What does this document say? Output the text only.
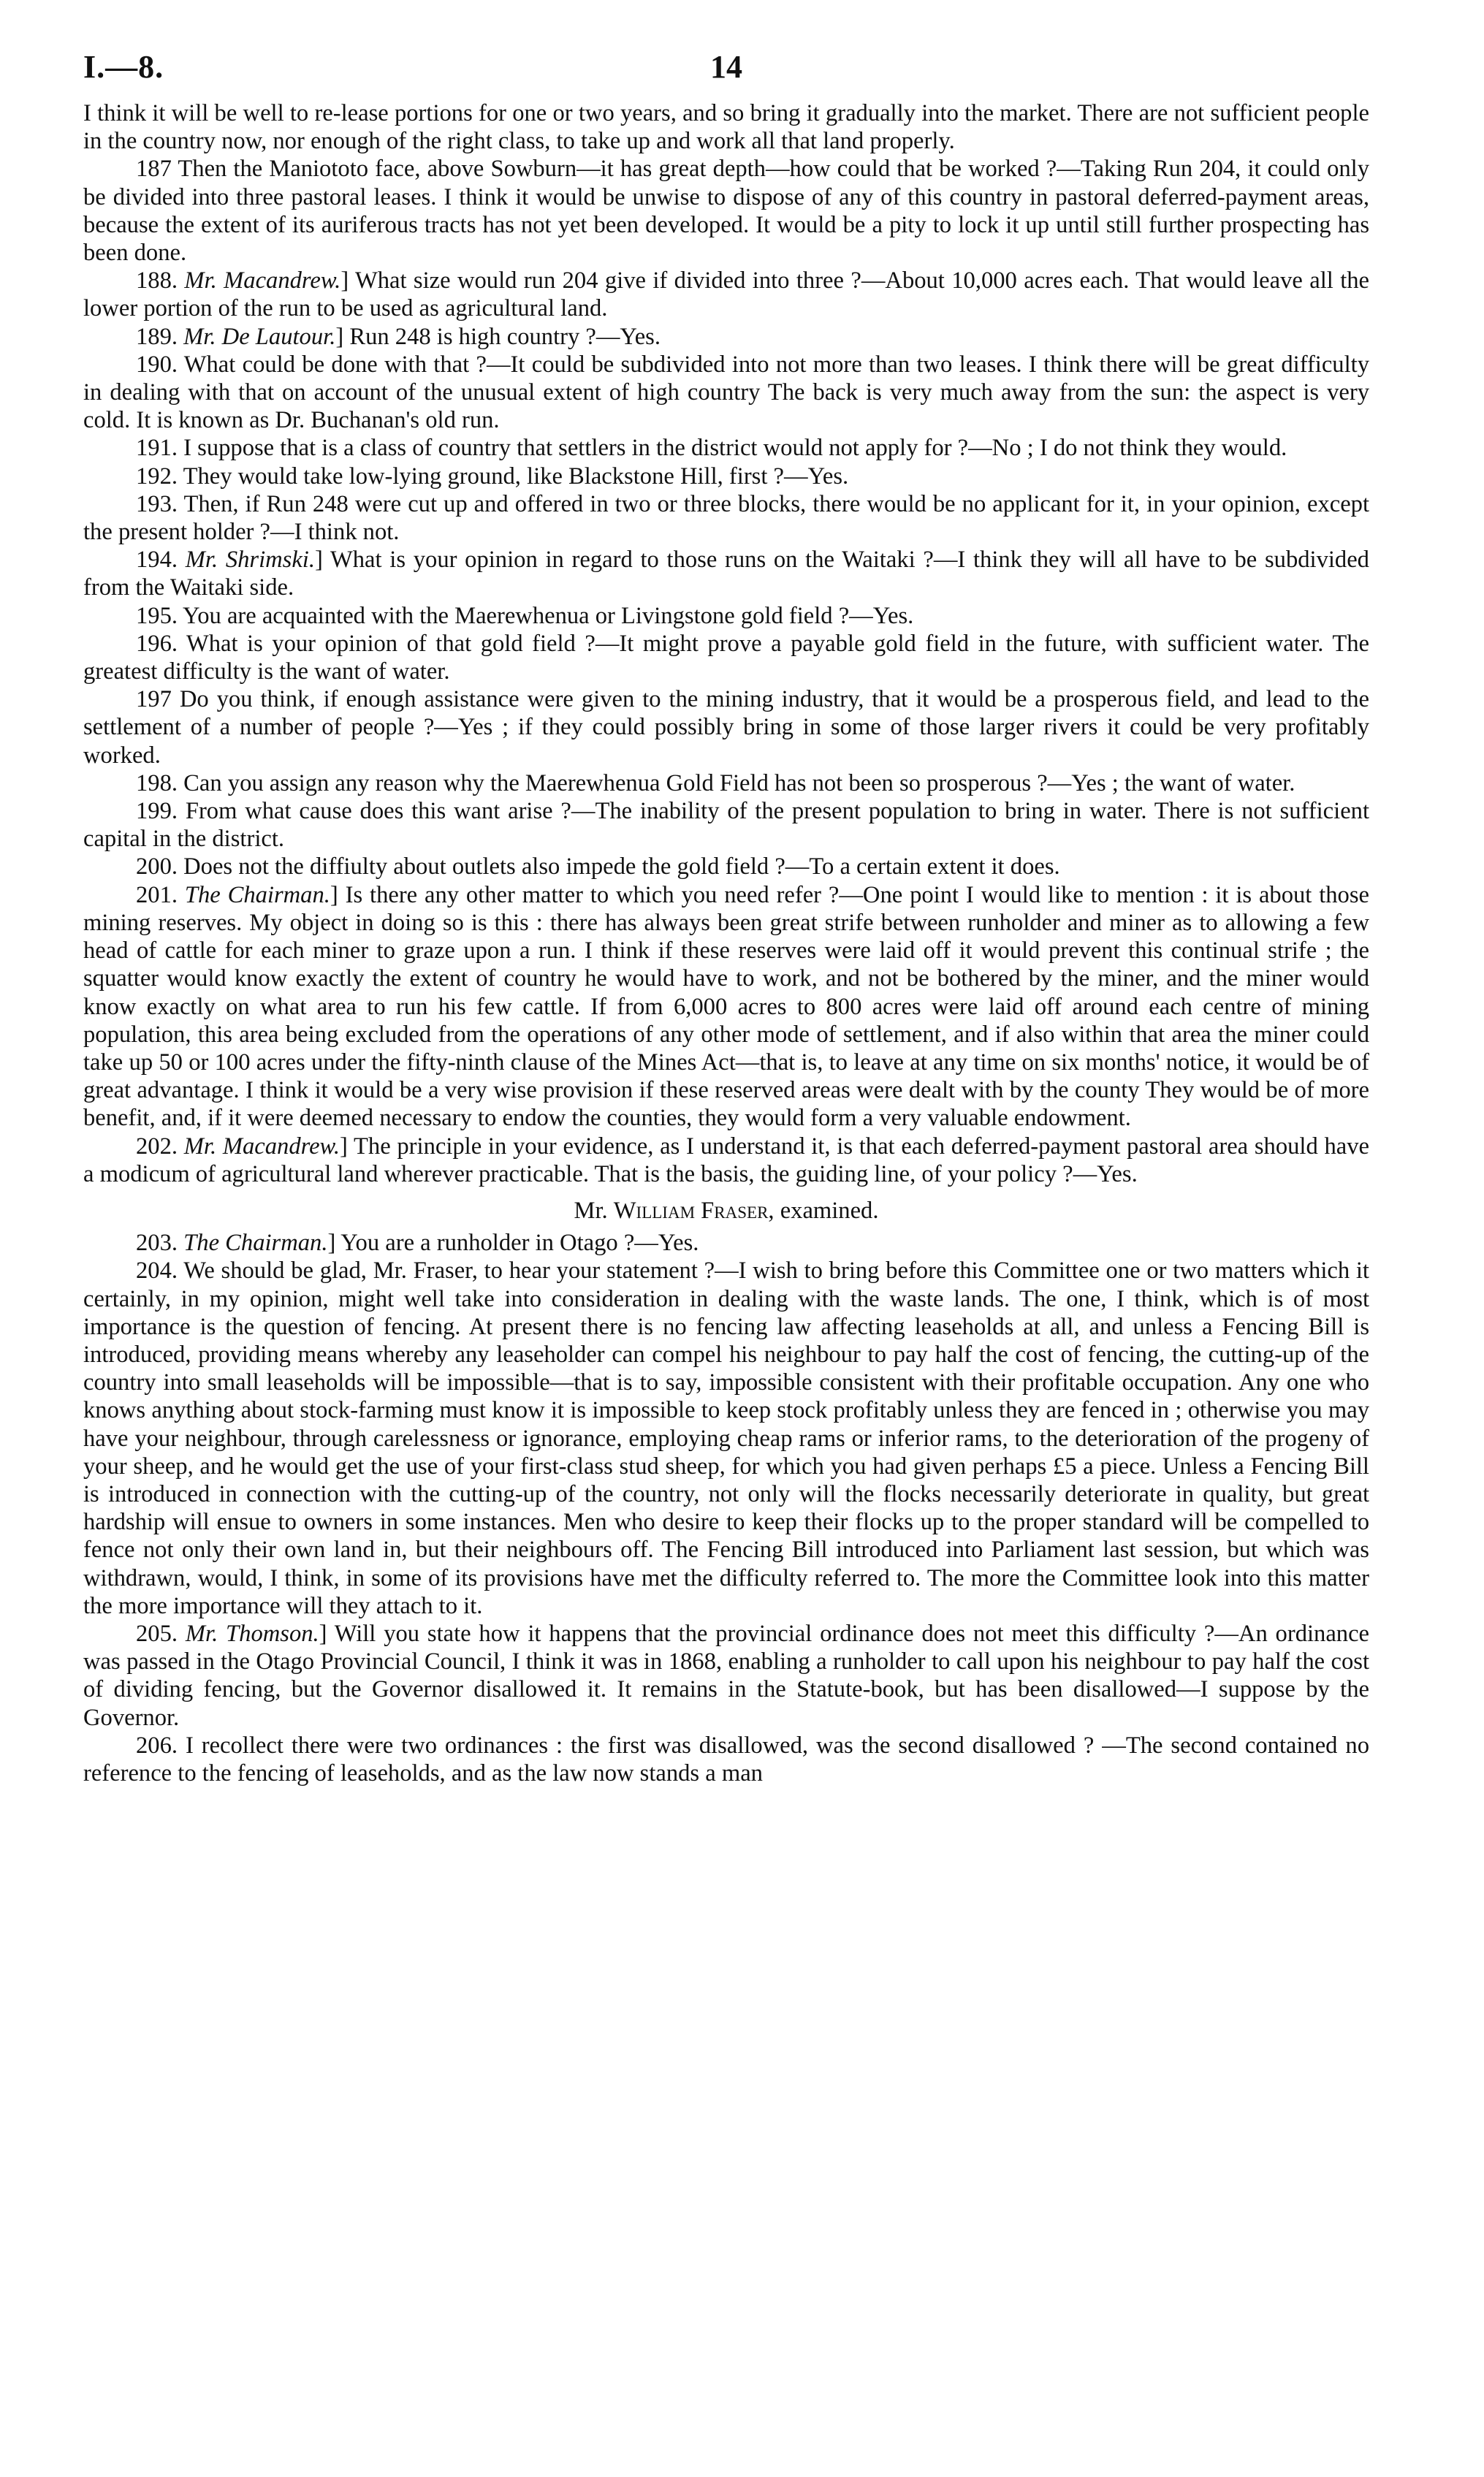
I.—8.	14

I think it will be well to re-lease portions for one or two years, and so bring it gradually into the market. There are not sufficient people in the country now, nor enough of the right class, to take up and work all that land properly.

187 Then the Maniototo face, above Sowburn—it has great depth—how could that be worked ?—Taking Run 204, it could only be divided into three pastoral leases. I think it would be unwise to dispose of any of this country in pastoral deferred-payment areas, because the extent of its auriferous tracts has not yet been developed. It would be a pity to lock it up until still further prospecting has been done.

188. Mr. Macandrew.] What size would run 204 give if divided into three ?—About 10,000 acres each. That would leave all the lower portion of the run to be used as agricultural land.

189. Mr. De Lautour.] Run 248 is high country ?—Yes.

190. What could be done with that ?—It could be subdivided into not more than two leases. I think there will be great difficulty in dealing with that on account of the unusual extent of high country The back is very much away from the sun: the aspect is very cold. It is known as Dr. Buchanan's old run.

191. I suppose that is a class of country that settlers in the district would not apply for ?—No ; I do not think they would.

192. They would take low-lying ground, like Blackstone Hill, first ?—Yes.

193. Then, if Run 248 were cut up and offered in two or three blocks, there would be no applicant for it, in your opinion, except the present holder ?—I think not.

194. Mr. Shrimski.] What is your opinion in regard to those runs on the Waitaki ?—I think they will all have to be subdivided from the Waitaki side.

195. You are acquainted with the Maerewhenua or Livingstone gold field ?—Yes.

196. What is your opinion of that gold field ?—It might prove a payable gold field in the future, with sufficient water. The greatest difficulty is the want of water.

197 Do you think, if enough assistance were given to the mining industry, that it would be a prosperous field, and lead to the settlement of a number of people ?—Yes ; if they could possibly bring in some of those larger rivers it could be very profitably worked.

198. Can you assign any reason why the Maerewhenua Gold Field has not been so prosperous ?—Yes ; the want of water.

199. From what cause does this want arise ?—The inability of the present population to bring in water. There is not sufficient capital in the district.

200. Does not the diffiulty about outlets also impede the gold field ?—To a certain extent it does.

201. The Chairman.] Is there any other matter to which you need refer ?—One point I would like to mention : it is about those mining reserves. My object in doing so is this : there has always been great strife between runholder and miner as to allowing a few head of cattle for each miner to graze upon a run. I think if these reserves were laid off it would prevent this continual strife ; the squatter would know exactly the extent of country he would have to work, and not be bothered by the miner, and the miner would know exactly on what area to run his few cattle. If from 6,000 acres to 800 acres were laid off around each centre of mining population, this area being excluded from the operations of any other mode of settlement, and if also within that area the miner could take up 50 or 100 acres under the fifty-ninth clause of the Mines Act—that is, to leave at any time on six months' notice, it would be of great advantage. I think it would be a very wise provision if these reserved areas were dealt with by the county They would be of more benefit, and, if it were deemed necessary to endow the counties, they would form a very valuable endowment.

202. Mr. Macandrew.] The principle in your evidence, as I understand it, is that each deferred-payment pastoral area should have a modicum of agricultural land wherever practicable. That is the basis, the guiding line, of your policy ?—Yes.

Mr. William Fraser, examined.

203. The Chairman.] You are a runholder in Otago ?—Yes.

204. We should be glad, Mr. Fraser, to hear your statement ?—I wish to bring before this Committee one or two matters which it certainly, in my opinion, might well take into consideration in dealing with the waste lands. The one, I think, which is of most importance is the question of fencing. At present there is no fencing law affecting leaseholds at all, and unless a Fencing Bill is introduced, providing means whereby any leaseholder can compel his neighbour to pay half the cost of fencing, the cutting-up of the country into small leaseholds will be impossible—that is to say, impossible consistent with their profitable occupation. Any one who knows anything about stock-farming must know it is impossible to keep stock profitably unless they are fenced in ; otherwise you may have your neighbour, through carelessness or ignorance, employing cheap rams or inferior rams, to the deterioration of the progeny of your sheep, and he would get the use of your first-class stud sheep, for which you had given perhaps £5 a piece. Unless a Fencing Bill is introduced in connection with the cutting-up of the country, not only will the flocks necessarily deteriorate in quality, but great hardship will ensue to owners in some instances. Men who desire to keep their flocks up to the proper standard will be compelled to fence not only their own land in, but their neighbours off. The Fencing Bill introduced into Parliament last session, but which was withdrawn, would, I think, in some of its provisions have met the difficulty referred to. The more the Committee look into this matter the more importance will they attach to it.

205. Mr. Thomson.] Will you state how it happens that the provincial ordinance does not meet this difficulty ?—An ordinance was passed in the Otago Provincial Council, I think it was in 1868, enabling a runholder to call upon his neighbour to pay half the cost of dividing fencing, but the Governor disallowed it. It remains in the Statute-book, but has been disallowed—I suppose by the Governor.

206. I recollect there were two ordinances : the first was disallowed, was the second disallowed ? —The second contained no reference to the fencing of leaseholds, and as the law now stands a man
